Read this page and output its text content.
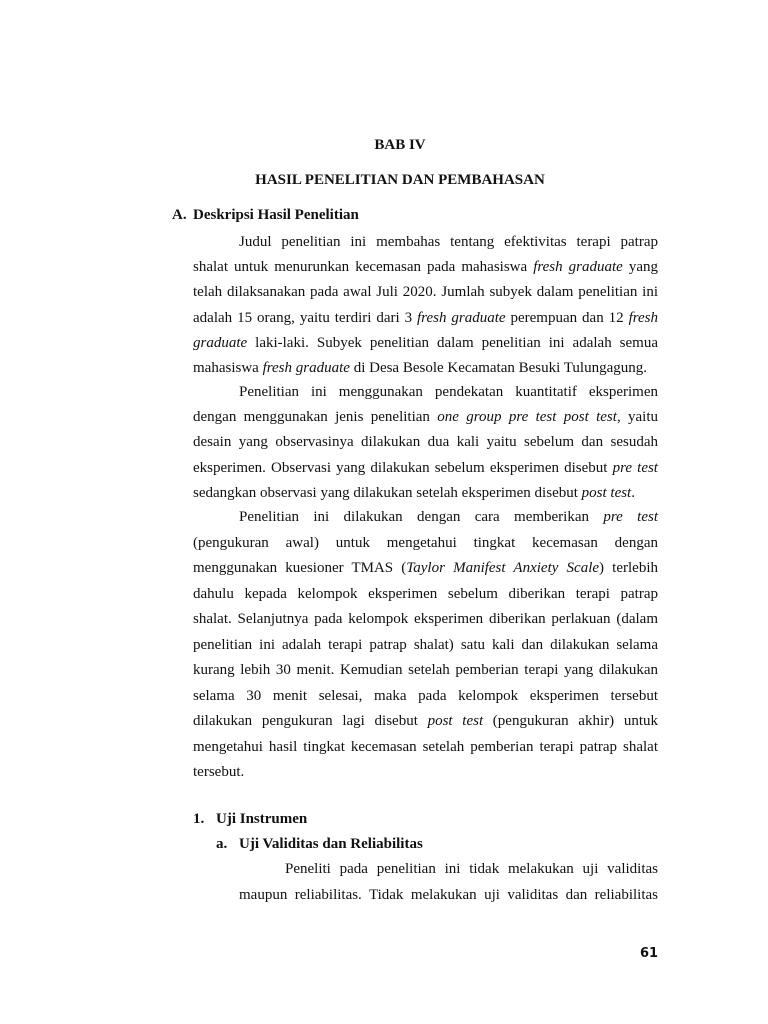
BAB IV
HASIL PENELITIAN DAN PEMBAHASAN
A. Deskripsi Hasil Penelitian
Judul penelitian ini membahas tentang efektivitas terapi patrap
shalat untuk menurunkan kecemasan pada mahasiswa fresh graduate yang
telah dilaksanakan pada awal Juli 2020. Jumlah subyek dalam penelitian ini
adalah 15 orang, yaitu terdiri dari 3 fresh graduate perempuan dan 12 fresh
graduate laki-laki. Subyek penelitian dalam penelitian ini adalah semua
mahasiswa fresh graduate di Desa Besole Kecamatan Besuki Tulungagung.
Penelitian ini menggunakan pendekatan kuantitatif eksperimen
dengan menggunakan jenis penelitian one group pre test post test, yaitu
desain yang observasinya dilakukan dua kali yaitu sebelum dan sesudah
eksperimen. Observasi yang dilakukan sebelum eksperimen disebut pre test
sedangkan observasi yang dilakukan setelah eksperimen disebut post test.
Penelitian ini dilakukan dengan cara memberikan pre test
(pengukuran awal) untuk mengetahui tingkat kecemasan dengan
menggunakan kuesioner TMAS (Taylor Manifest Anxiety Scale) terlebih
dahulu kepada kelompok eksperimen sebelum diberikan terapi patrap
shalat. Selanjutnya pada kelompok eksperimen diberikan perlakuan (dalam
penelitian ini adalah terapi patrap shalat) satu kali dan dilakukan selama
kurang lebih 30 menit. Kemudian setelah pemberian terapi yang dilakukan
selama 30 menit selesai, maka pada kelompok eksperimen tersebut
dilakukan pengukuran lagi disebut post test (pengukuran akhir) untuk
mengetahui hasil tingkat kecemasan setelah pemberian terapi patrap shalat
tersebut.
1. Uji Instrumen
a. Uji Validitas dan Reliabilitas
Peneliti pada penelitian ini tidak melakukan uji validitas
maupun reliabilitas. Tidak melakukan uji validitas dan reliabilitas
61
